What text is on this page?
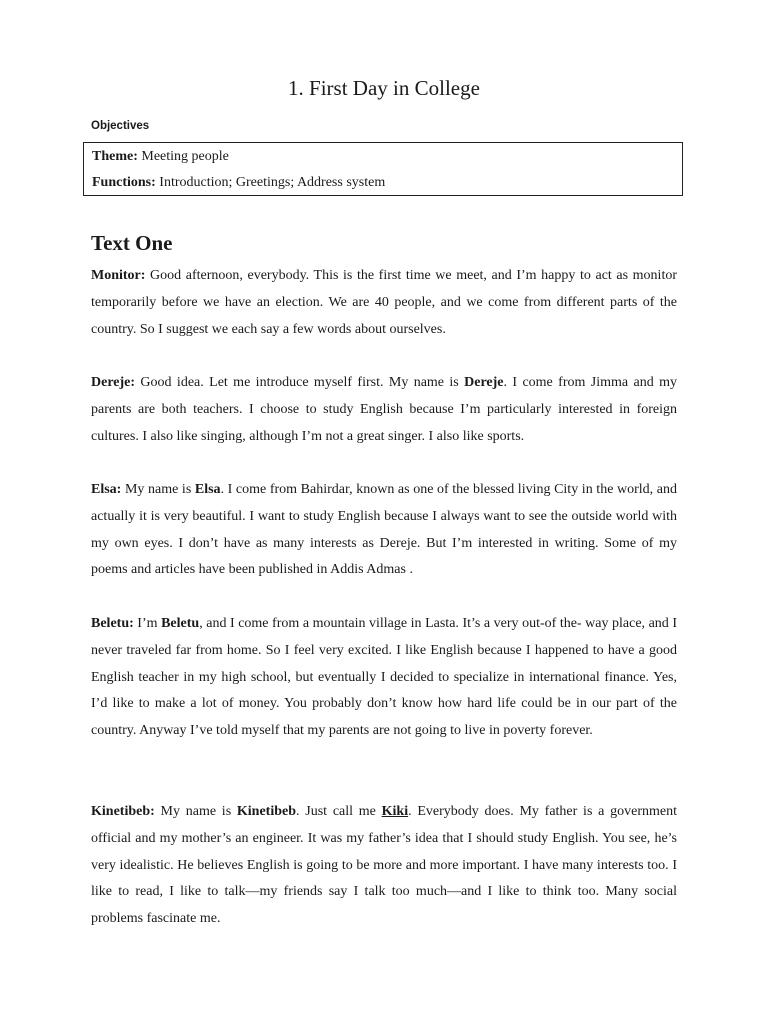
1. First Day in College
Objectives
Theme: Meeting people
Functions: Introduction; Greetings; Address system
Text One

Monitor: Good afternoon, everybody. This is the first time we meet, and I’m happy to act as monitor temporarily before we have an election. We are 40 people, and we come from different parts of the country. So I suggest we each say a few words about ourselves.

Dereje: Good idea. Let me introduce myself first. My name is Dereje. I come from Jimma and my parents are both teachers. I choose to study English because I’m particularly interested in foreign cultures. I also like singing, although I’m not a great singer. I also like sports.

Elsa: My name is Elsa. I come from Bahirdar, known as one of the blessed living City in the world, and actually it is very beautiful. I want to study English because I always want to see the outside world with my own eyes. I don’t have as many interests as Dereje. But I’m interested in writing. Some of my poems and articles have been published in Addis Admas .

Beletu: I’m Beletu, and I come from a mountain village in Lasta. It’s a very out-of the- way place, and I never traveled far from home. So I feel very excited. I like English because I happened to have a good English teacher in my high school, but eventually I decided to specialize in international finance. Yes, I’d like to make a lot of money. You probably don’t know how hard life could be in our part of the country. Anyway I’ve told myself that my parents are not going to live in poverty forever.

Kinetibeb: My name is Kinetibeb. Just call me Kiki. Everybody does. My father is a government official and my mother’s an engineer. It was my father’s idea that I should study English. You see, he’s very idealistic. He believes English is going to be more and more important. I have many interests too. I like to read, I like to talk—my friends say I talk too much—and I like to think too. Many social problems fascinate me.
